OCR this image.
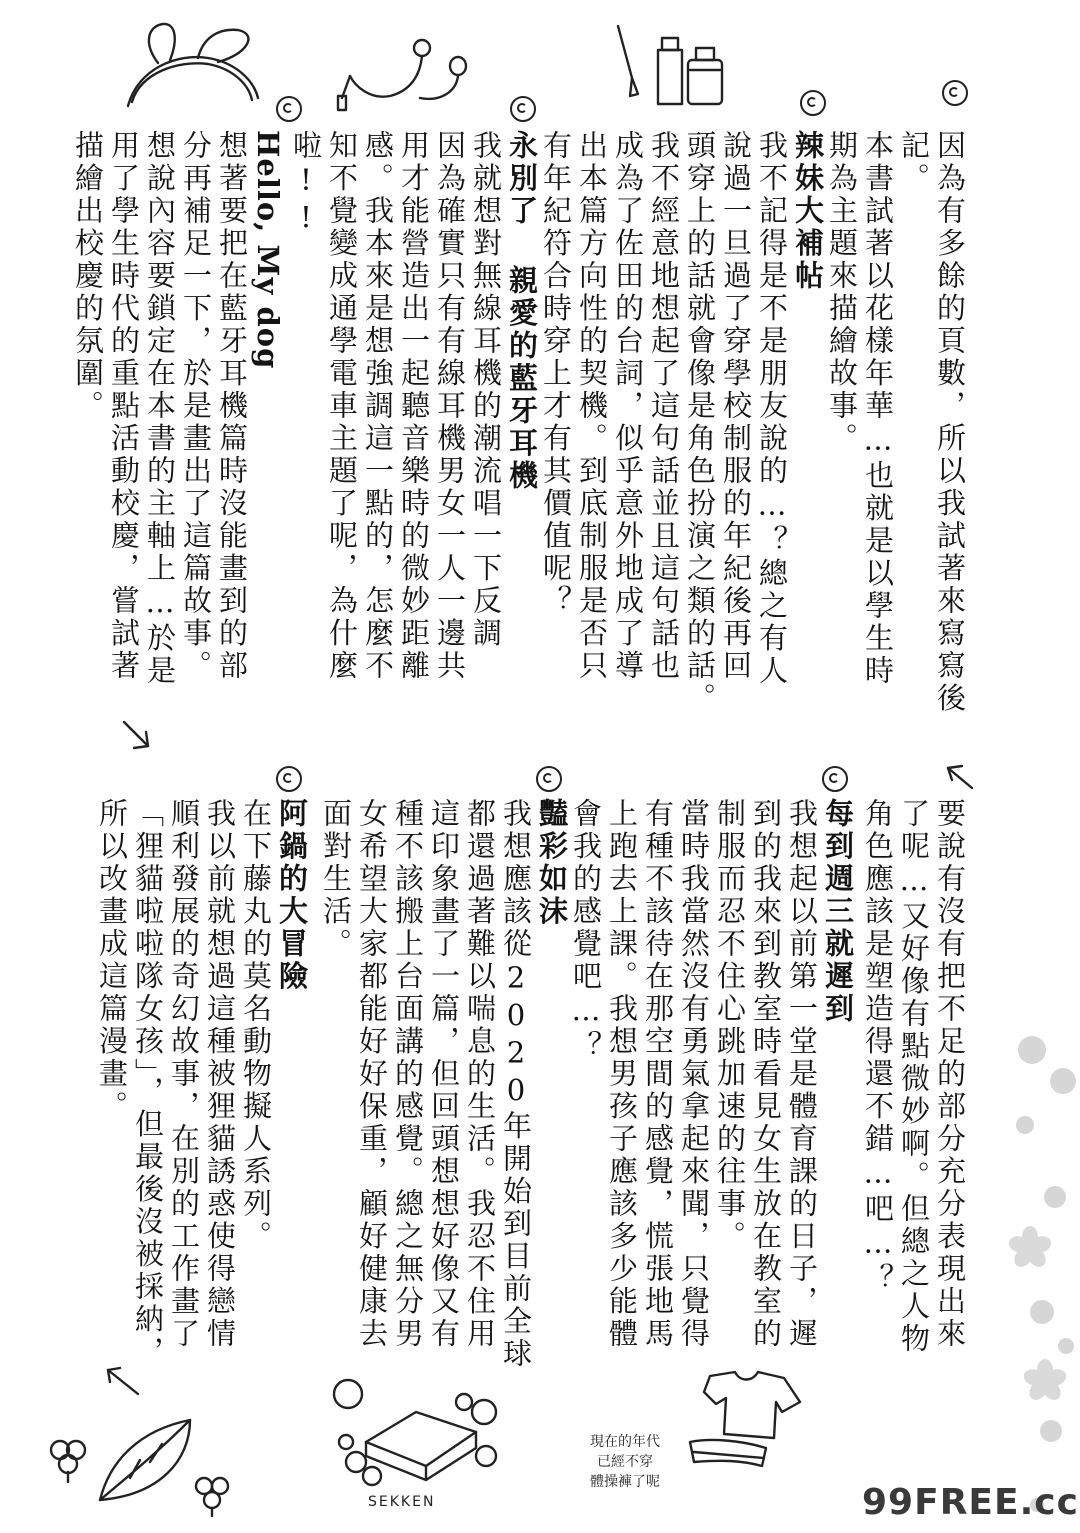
因為有多餘的頁數，所以我試著來寫寫後
記。
本書試著以花樣年華…也就是以學生時
期為主題來描繪故事。
辣妹大補帖
我不記得是不是朋友說的…？總之有人
說過一旦過了穿學校制服的年紀後再回
頭穿上的話就會像是角色扮演之類的話。
我不經意地想起了這句話並且這句話也
成為了佐田的台詞，似乎意外地成了導
出本篇方向性的契機。到底制服是否只
有年紀符合時穿上才有其價值呢？
永別了 親愛的藍牙耳機
我就想對無線耳機的潮流唱一下反調
因為確實只有有線耳機男女一人一邊共
用才能營造出一起聽音樂時的微妙距離
感。我本來是想強調這一點的，怎麼不
知不覺變成通學電車主題了呢，為什麼
啦!!
Hello, My dog
想著要把在藍牙耳機篇時沒能畫到的部
分再補足一下，於是畫出了這篇故事。
想說內容要鎖定在本書的主軸上…於是
用了學生時代的重點活動校慶，嘗試著
描繪出校慶的氛圍。
要說有沒有把不足的部分充分表現出來
了呢…又好像有點微妙啊。但總之人物
角色應該是塑造得還不錯…吧…？
每到週三就遲到
我想起以前第一堂是體育課的日子，遲
到的我來到教室時看見女生放在教室的
制服而忍不住心跳加速的往事。
當時我當然沒有勇氣拿起來聞，只覺得
有種不該待在那空間的感覺，慌張地馬
上跑去上課。我想男孩子應該多少能體
會我的感覺吧…？
豔彩如沫
我想應該從2020年開始到目前全球
都還過著難以喘息的生活。我忍不住用
這印象畫了一篇，但回頭想想好像又有
種不該搬上台面講的感覺。總之無分男
女希望大家都能好好保重，顧好健康去
面對生活。
阿鍋的大冒險
在下藤丸的莫名動物擬人系列。
我以前就想過這種被狸貓誘惑使得戀情
順利發展的奇幻故事，在別的工作畫了
「狸貓啦啦隊女孩」，但最後沒被採納，
所以改畫成這篇漫畫。
SEKKEN
現在的年代
已經不穿
體操褲了呢	99FREE.cc
